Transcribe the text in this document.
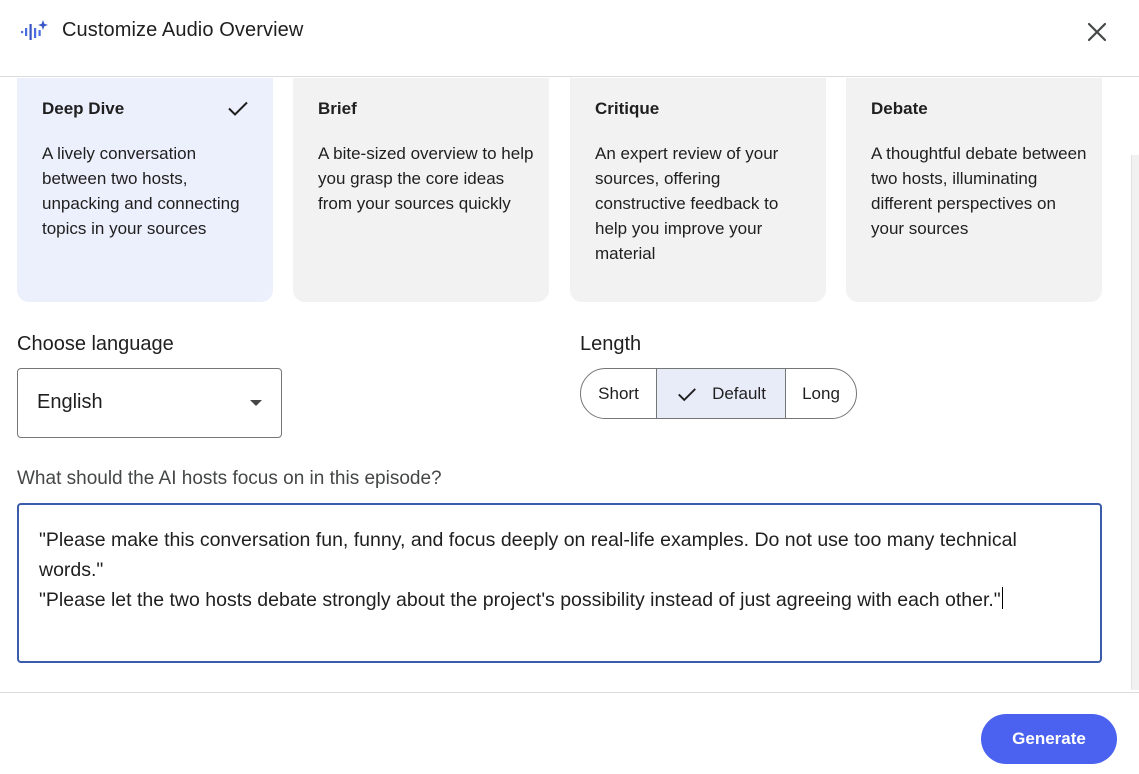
Customize Audio Overview
Deep Dive
A lively conversation between two hosts, unpacking and connecting topics in your sources
Brief
A bite-sized overview to help you grasp the core ideas from your sources quickly
Critique
An expert review of your sources, offering constructive feedback to help you improve your material
Debate
A thoughtful debate between two hosts, illuminating different perspectives on your sources
Choose language
English
Length
Short	Default Long
What should the AI hosts focus on in this episode?
"Please make this conversation fun, funny, and focus deeply on real-life examples. Do not use too many technical words."
"Please let the two hosts debate strongly about the project's possibility instead of just agreeing with each other."
Generate
